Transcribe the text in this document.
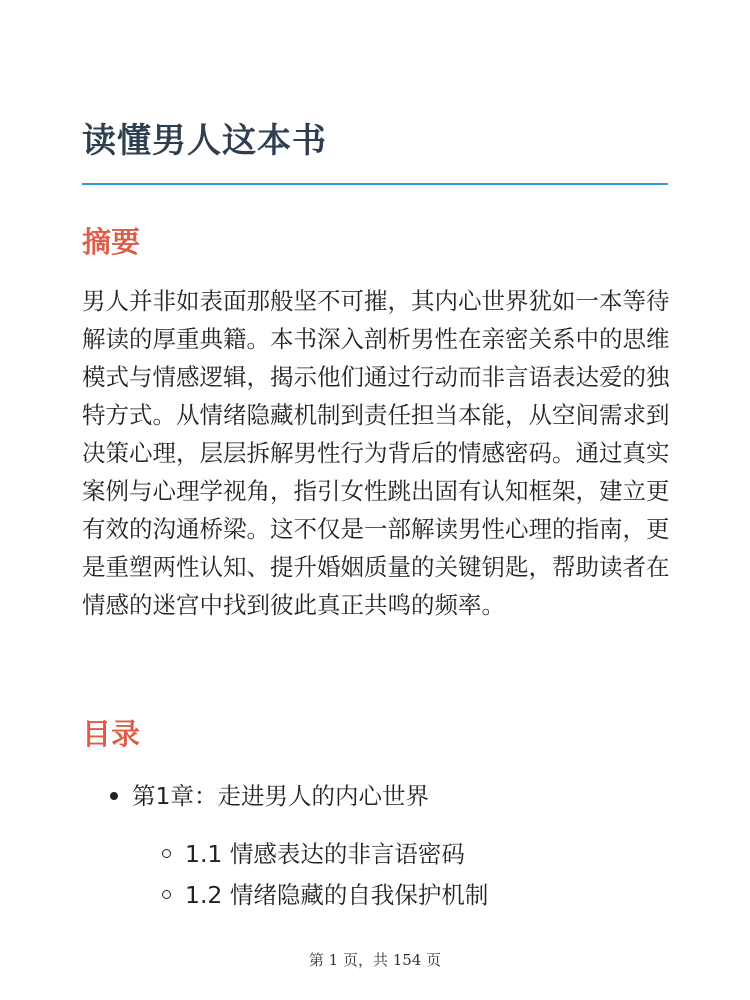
读懂男人这本书
摘要

男人并非如表面那般坚不可摧，其内心世界犹如一本等待解读的厚重典籍。本书深入剖析男性在亲密关系中的思维模式与情感逻辑，揭示他们通过行动而非言语表达爱的独特方式。从情绪隐藏机制到责任担当本能，从空间需求到决策心理，层层拆解男性行为背后的情感密码。通过真实案例与心理学视角，指引女性跳出固有认知框架，建立更有效的沟通桥梁。这不仅是一部解读男性心理的指南，更是重塑两性认知、提升婚姻质量的关键钥匙，帮助读者在情感的迷宫中找到彼此真正共鸣的频率。

目录
第1章：走进男人的内心世界
1.1 情感表达的非言语密码
1.2 情绪隐藏的自我保护机制
第 1 页，共 154 页
